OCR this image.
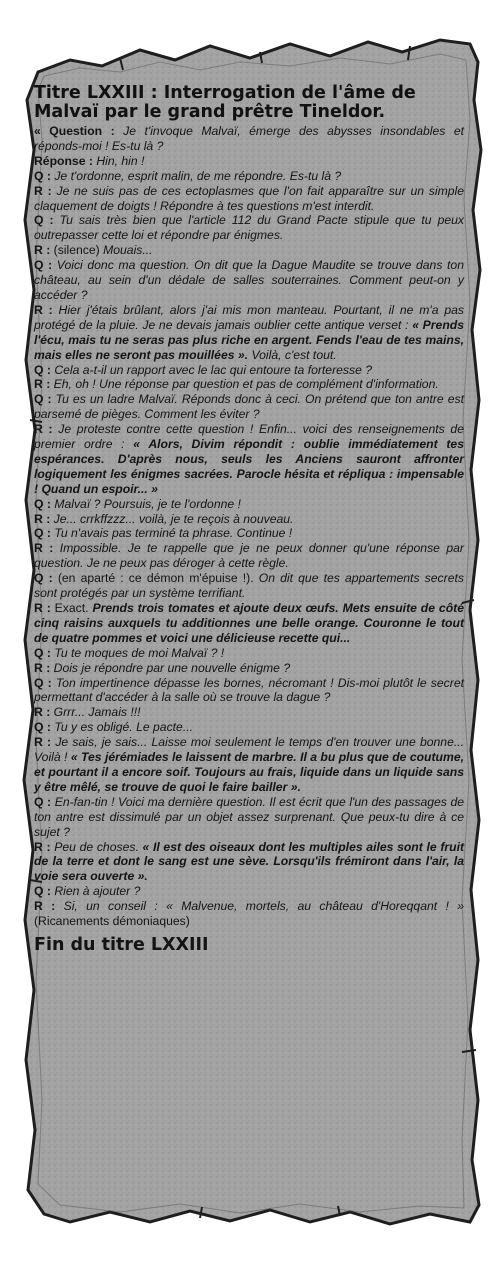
Titre LXXIII : Interrogation de l'âme de
Malvaï par le grand prêtre Tineldor.

« Question : Je t'invoque Malvaï, émerge des abysses insondables et réponds-moi ! Es-tu là ?

Réponse : Hin, hin !

Q : Je t'ordonne, esprit malin, de me répondre. Es-tu là ?

R : Je ne suis pas de ces ectoplasmes que l'on fait apparaître sur un simple claquement de doigts ! Répondre à tes questions m'est interdit.

Q : Tu sais très bien que l'article 112 du Grand Pacte stipule que tu peux outrepasser cette loi et répondre par énigmes.

R : (silence) Mouais...

Q : Voici donc ma question. On dit que la Dague Maudite se trouve dans ton château, au sein d'un dédale de salles souterraines. Comment peut-on y accéder ?

R : Hier j'étais brûlant, alors j'ai mis mon manteau. Pourtant, il ne m'a pas protégé de la pluie. Je ne devais jamais oublier cette antique verset : « Prends l'écu, mais tu ne seras pas plus riche en argent. Fends l'eau de tes mains, mais elles ne seront pas mouillées ». Voilà, c'est tout.

Q : Cela a-t-il un rapport avec le lac qui entoure ta forteresse ?

R : Eh, oh ! Une réponse par question et pas de complément d'information.

Q : Tu es un ladre Malvaï. Réponds donc à ceci. On prétend que ton antre est parsemé de pièges. Comment les éviter ?

R : Je proteste contre cette question ! Enfin... voici des renseignements de premier ordre : « Alors, Divim répondit : oublie immédiatement tes espérances. D'après nous, seuls les Anciens sauront affronter logiquement les énigmes sacrées. Parocle hésita et répliqua : impensable ! Quand un espoir... »

Q : Malvaï ? Poursuis, je te l'ordonne !

R : Je... crrkffzzz... voilà, je te reçois à nouveau.

Q : Tu n'avais pas terminé ta phrase. Continue !

R : Impossible. Je te rappelle que je ne peux donner qu'une réponse par question. Je ne peux pas déroger à cette règle.

Q : (en aparté : ce démon m'épuise !). On dit que tes appartements secrets sont protégés par un système terrifiant.

R : Exact. Prends trois tomates et ajoute deux œufs. Mets ensuite de côté cinq raisins auxquels tu additionnes une belle orange. Couronne le tout de quatre pommes et voici une délicieuse recette qui...

Q : Tu te moques de moi Malvaï ? !

R : Dois je répondre par une nouvelle énigme ?

Q : Ton impertinence dépasse les bornes, nécromant ! Dis-moi plutôt le secret permettant d'accéder à la salle où se trouve la dague ?

R : Grrr... Jamais !!!

Q : Tu y es obligé. Le pacte...

R : Je sais, je sais... Laisse moi seulement le temps d'en trouver une bonne... Voilà ! « Tes jérémiades le laissent de marbre. Il a bu plus que de coutume, et pourtant il a encore soif. Toujours au frais, liquide dans un liquide sans y être mêlé, se trouve de quoi le faire bailler ».

Q : En-fan-tin ! Voici ma dernière question. Il est écrit que l'un des passages de ton antre est dissimulé par un objet assez surprenant. Que peux-tu dire à ce sujet ?

R : Peu de choses. « Il est des oiseaux dont les multiples ailes sont le fruit de la terre et dont le sang est une sève. Lorsqu'ils frémiront dans l'air, la voie sera ouverte ».

Q : Rien à ajouter ?

R : Si, un conseil : « Malvenue, mortels, au château d'Horeqqant ! » (Ricanements démoniaques)

Fin du titre LXXIII
